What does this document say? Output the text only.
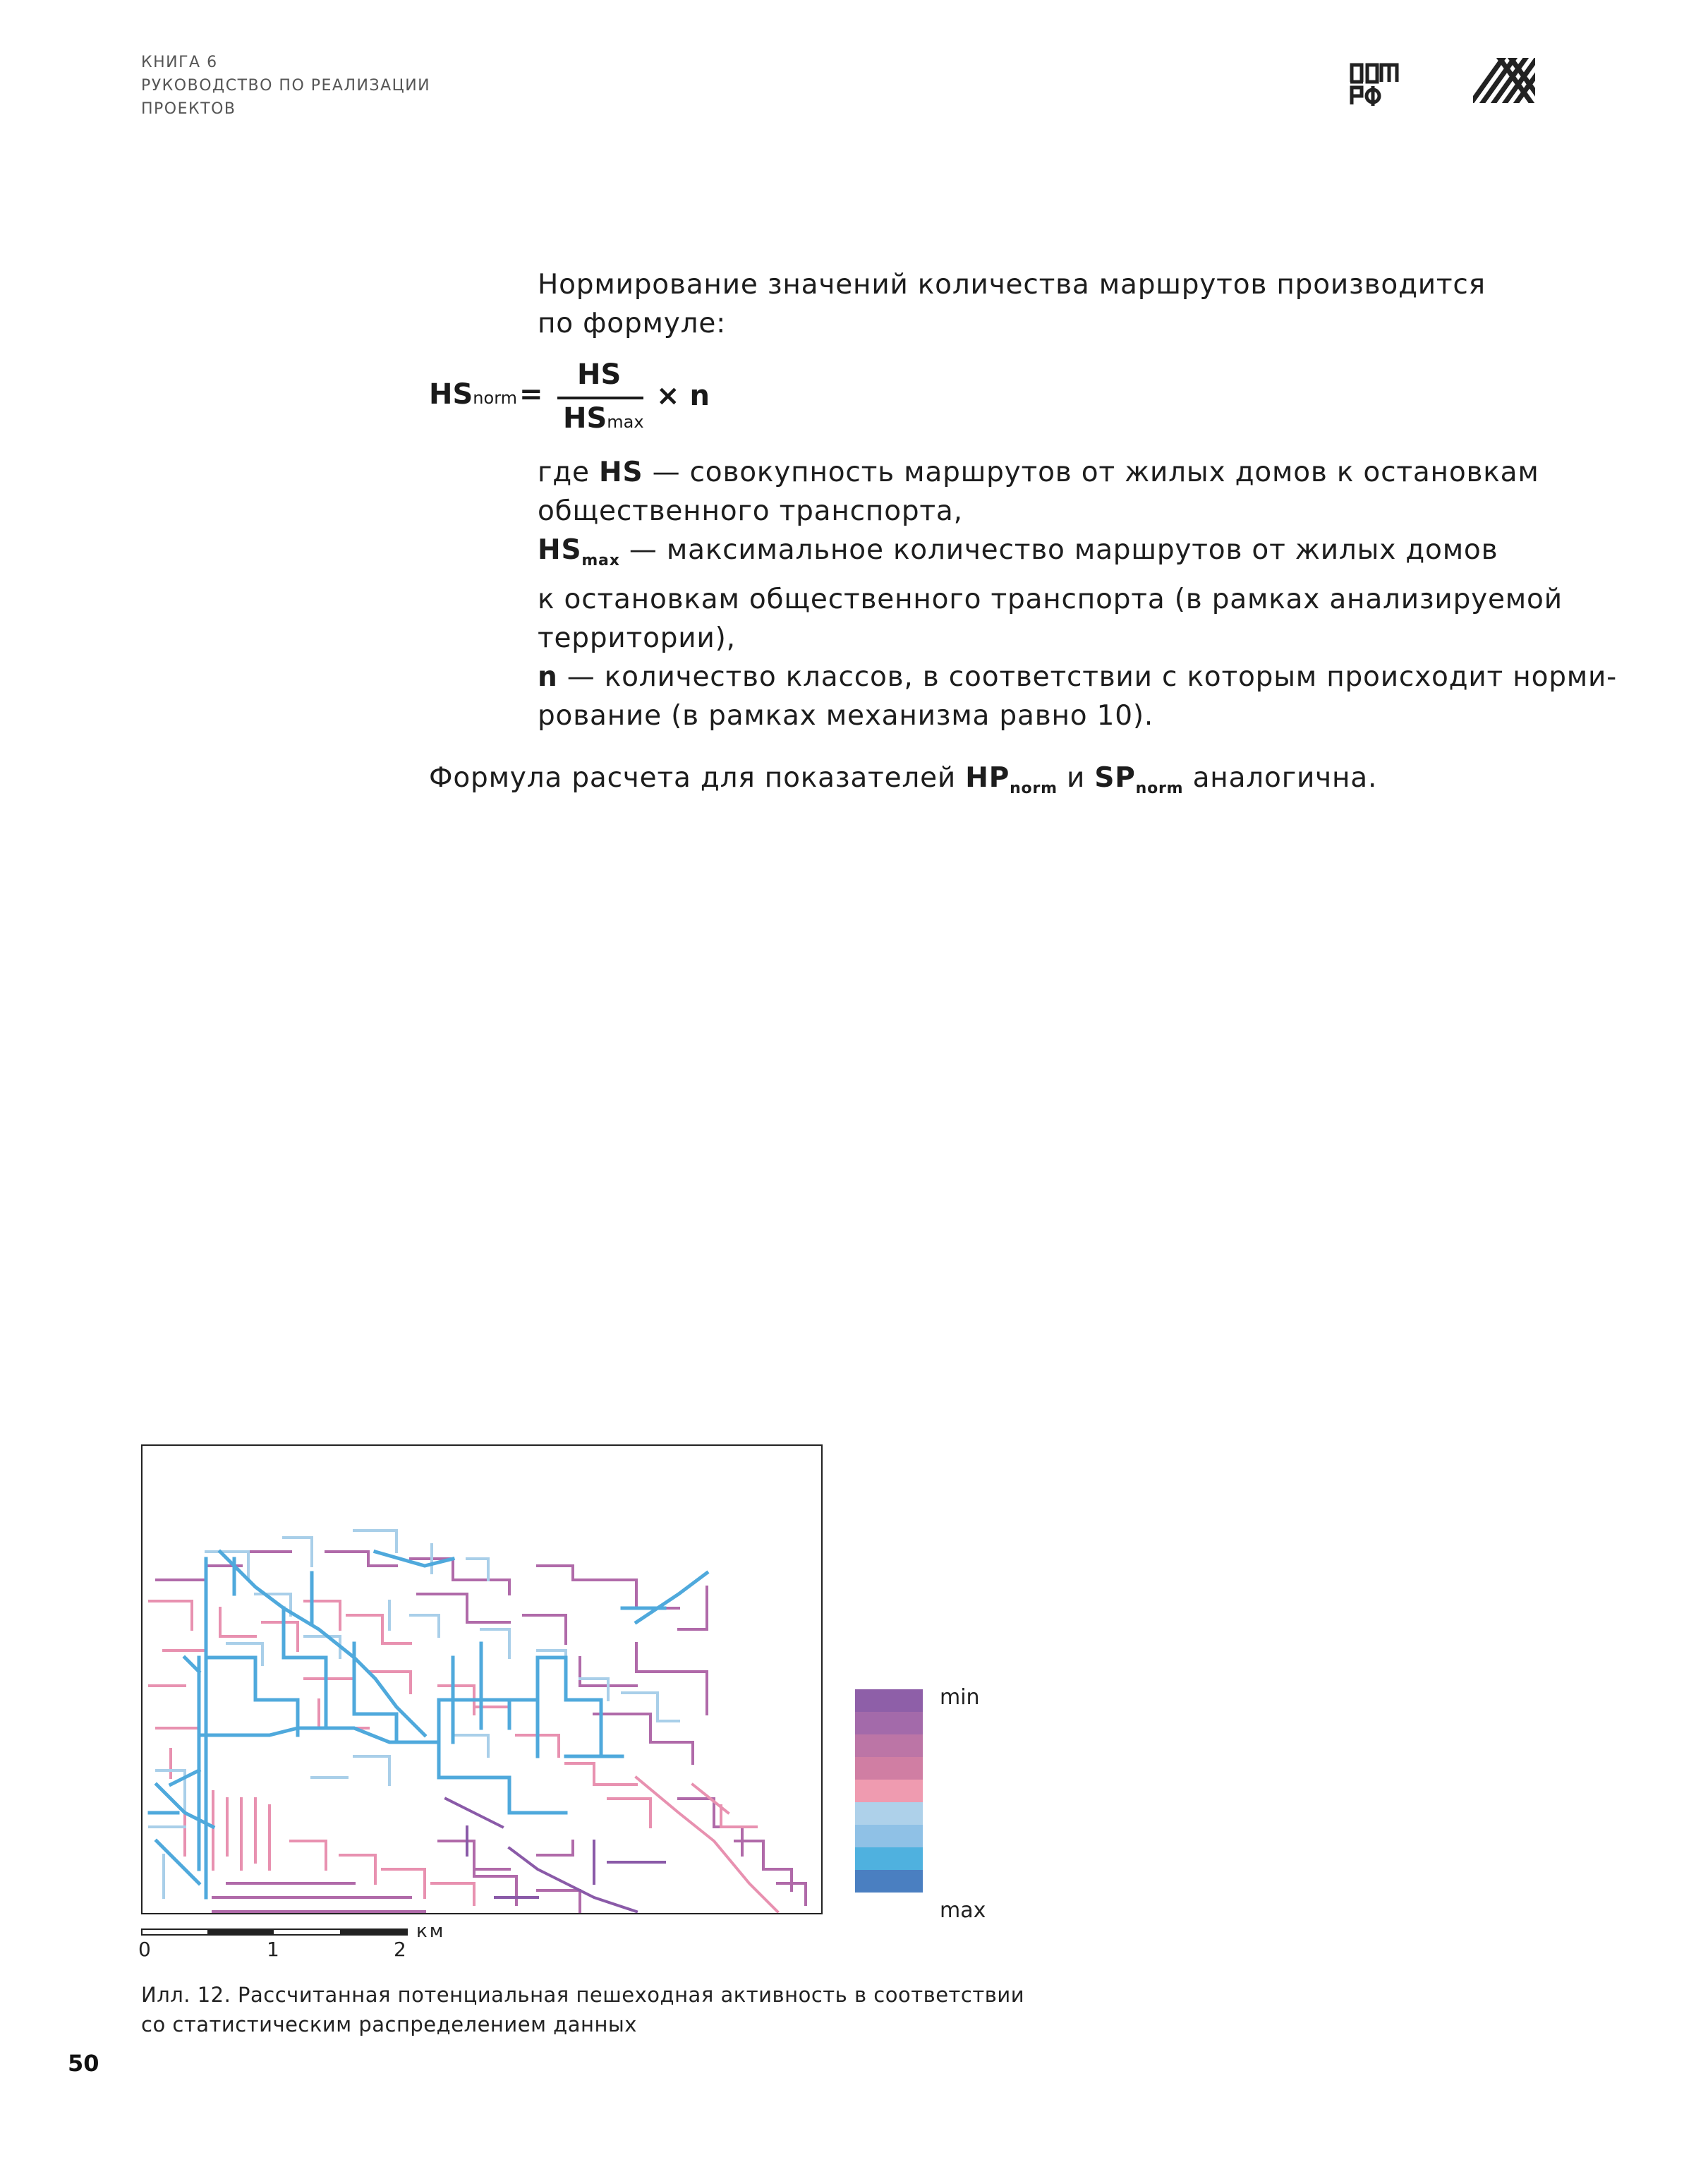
КНИГА 6
РУКОВОДСТВО ПО РЕАЛИЗАЦИИ
ПРОЕКТОВ
Нормирование значений количества маршрутов производится
по формуле:
HSnorm =
HS
HSmax
× n
где HS — совокупность маршрутов от жилых домов к остановкам
общественного транспорта,
$HS_{max}$ — максимальное количество маршрутов от жилых домов
к остановкам общественного транспорта (в рамках анализируемой
территории),
n — количество классов, в соответствии с которым происходит норми-
рование (в рамках механизма равно 10).
Формула расчета для показателей $HP_{norm}$ и $SP_{norm}$ аналогична.
min
max
0	1	2
км
Илл. 12. Рассчитанная потенциальная пешеходная активность в соответствии
со статистическим распределением данных
50
